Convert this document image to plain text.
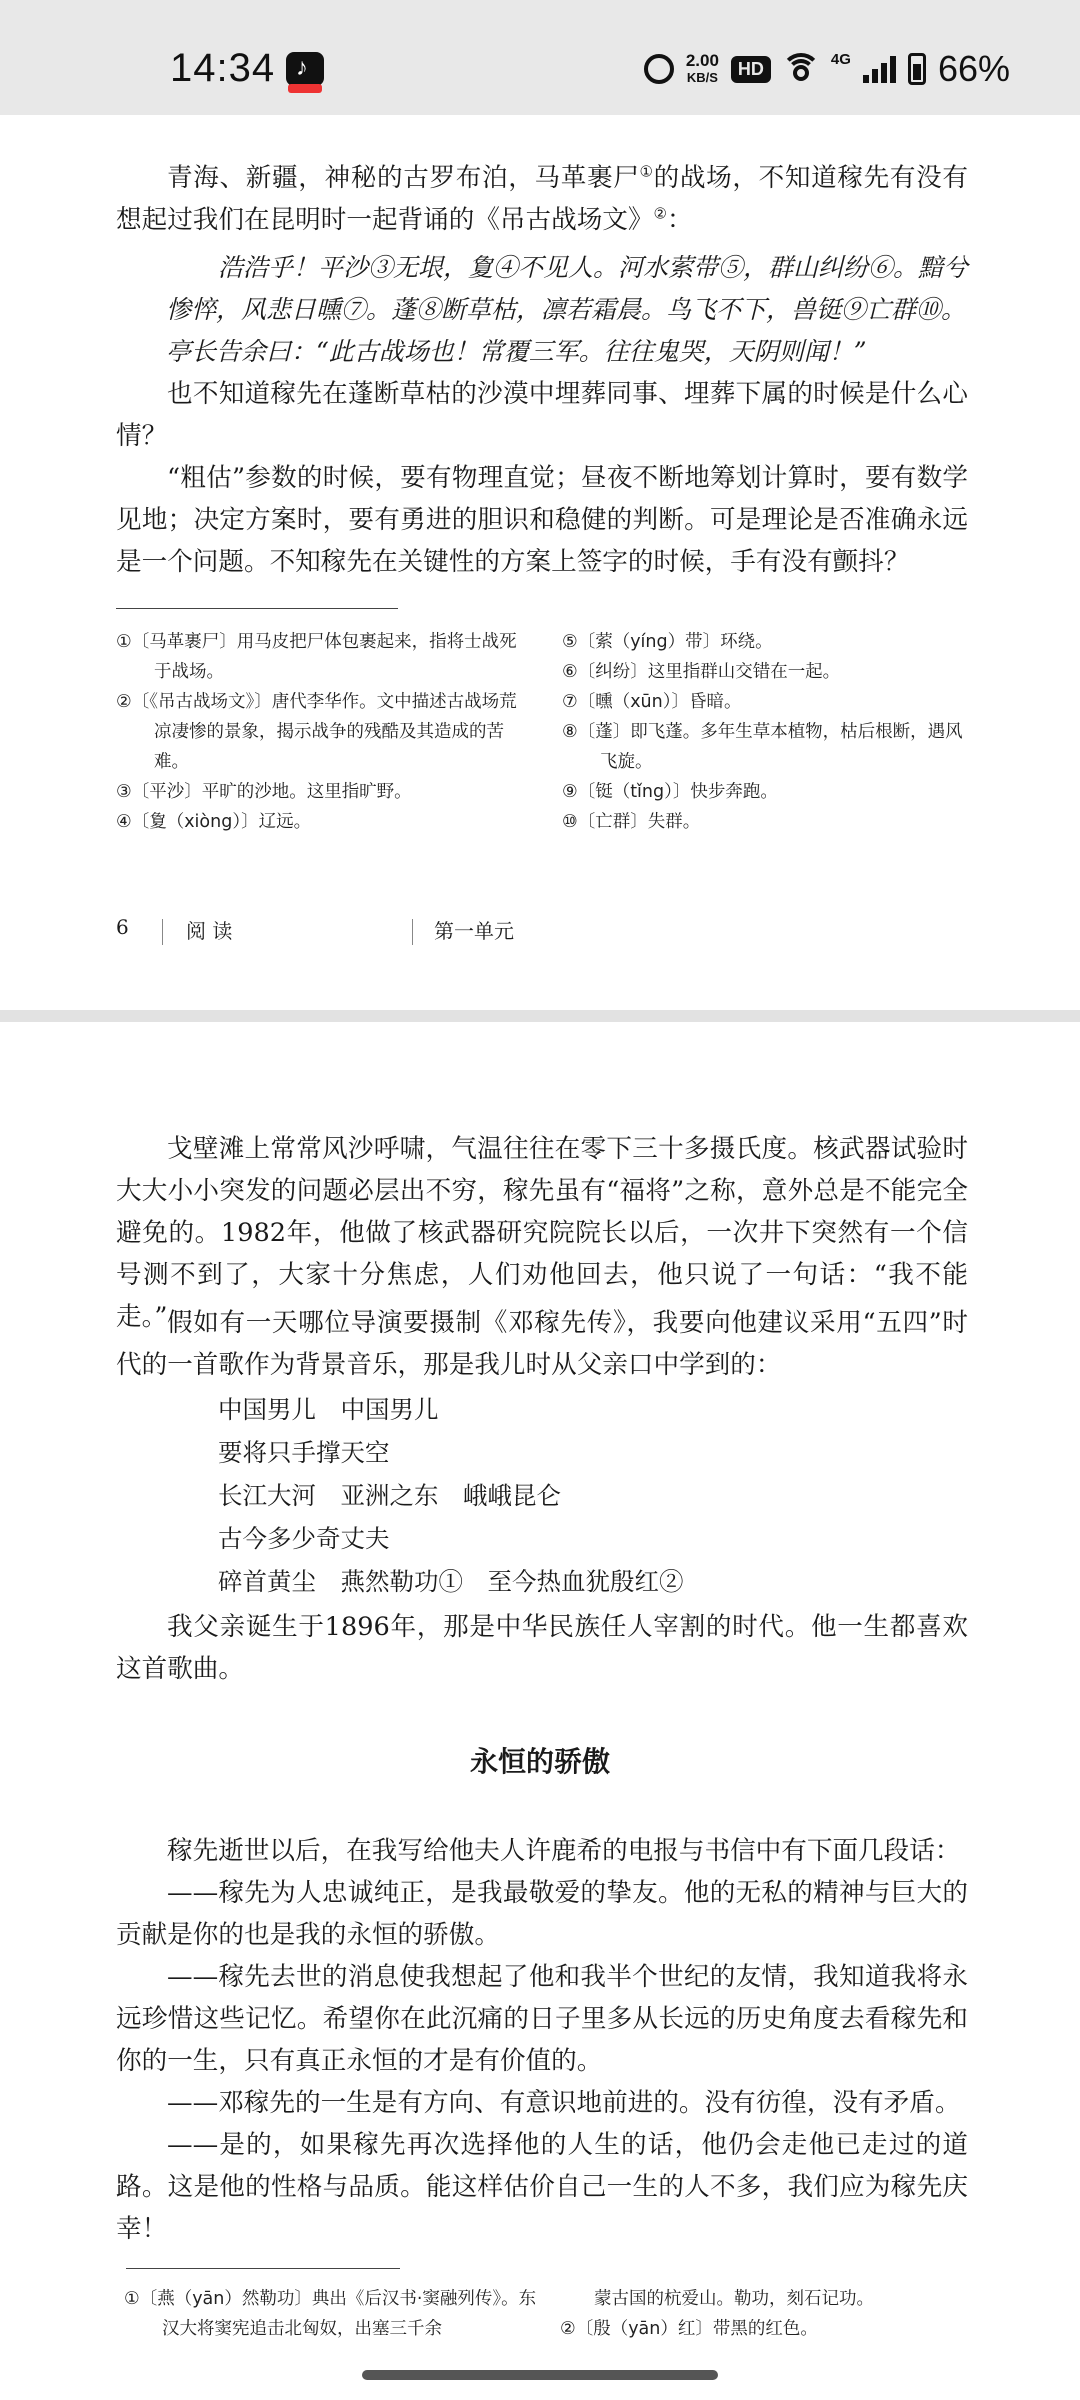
14:34
♪	2.00
KB/S	HD	4G 66%

青海、新疆，神秘的古罗布泊，马革裹尸①的战场，不知道稼先有没有想起过我们在昆明时一起背诵的《吊古战场文》②：

浩浩乎！平沙③无垠，夐④不见人。河水萦带⑤，群山纠纷⑥。黯兮惨悴，风悲日曛⑦。蓬⑧断草枯，凛若霜晨。鸟飞不下，兽铤⑨亡群⑩。亭长告余曰：“此古战场也！常覆三军。往往鬼哭，天阴则闻！”

也不知道稼先在蓬断草枯的沙漠中埋葬同事、埋葬下属的时候是什么心情？

“粗估”参数的时候，要有物理直觉；昼夜不断地筹划计算时，要有数学见地；决定方案时，要有勇进的胆识和稳健的判断。可是理论是否准确永远是一个问题。不知稼先在关键性的方案上签字的时候，手有没有颤抖？

①〔马革裹尸〕用马皮把尸体包裹起来，指将士战死于战场。
②〔《吊古战场文》〕唐代李华作。文中描述古战场荒凉凄惨的景象，揭示战争的残酷及其造成的苦难。
③〔平沙〕平旷的沙地。这里指旷野。
④〔夐（xiòng）〕辽远。
⑤〔萦（yíng）带〕环绕。
⑥〔纠纷〕这里指群山交错在一起。
⑦〔曛（xūn）〕昏暗。
⑧〔蓬〕即飞蓬。多年生草本植物，枯后根断，遇风飞旋。
⑨〔铤（tǐng）〕快步奔跑。
⑩〔亡群〕失群。
6	阅 读	第一单元

戈壁滩上常常风沙呼啸，气温往往在零下三十多摄氏度。核武器试验时大大小小突发的问题必层出不穷，稼先虽有“福将”之称，意外总是不能完全避免的。1982年，他做了核武器研究院院长以后，一次井下突然有一个信号测不到了，大家十分焦虑，人们劝他回去，他只说了一句话：“我不能走。” 假如有一天哪位导演要摄制《邓稼先传》，我要向他建议采用“五四”时代的一首歌作为背景音乐，那是我儿时从父亲口中学到的：

中国男儿　中国男儿
要将只手撑天空
长江大河　亚洲之东　峨峨昆仑
古今多少奇丈夫
碎首黄尘　燕然勒功①　至今热血犹殷红②

我父亲诞生于1896年，那是中华民族任人宰割的时代。他一生都喜欢这首歌曲。

永恒的骄傲

稼先逝世以后，在我写给他夫人许鹿希的电报与书信中有下面几段话：

——稼先为人忠诚纯正，是我最敬爱的挚友。他的无私的精神与巨大的贡献是你的也是我的永恒的骄傲。

——稼先去世的消息使我想起了他和我半个世纪的友情，我知道我将永远珍惜这些记忆。希望你在此沉痛的日子里多从长远的历史角度去看稼先和你的一生，只有真正永恒的才是有价值的。

——邓稼先的一生是有方向、有意识地前进的。没有彷徨，没有矛盾。

——是的，如果稼先再次选择他的人生的话，他仍会走他已走过的道路。这是他的性格与品质。能这样估价自己一生的人不多，我们应为稼先庆幸！

①〔燕（yān）然勒功〕典出《后汉书·窦融列传》。东汉大将窦宪追击北匈奴，出塞三千余
蒙古国的杭爱山。勒功，刻石记功。
②〔殷（yān）红〕带黑的红色。
